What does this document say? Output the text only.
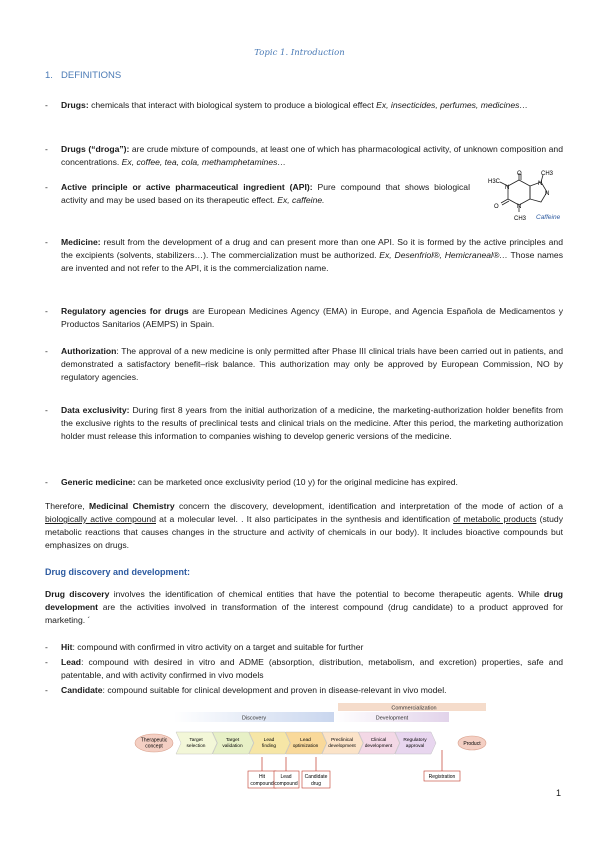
Topic 1. Introduction
1. DEFINITIONS
- Drugs: chemicals that interact with biological system to produce a biological effect Ex, insecticides, perfumes, medicines…
- Drugs (“droga”): are crude mixture of compounds, at least one of which has pharmacological activity, of unknown composition and concentrations. Ex, coffee, tea, cola, methamphetamines…
- Active principle or active pharmaceutical ingredient (API): Pure compound that shows biological activity and may be used based on its therapeutic effect. Ex, caffeine.
H3C
CH3
CH3
O
O
N
N
N
N
Caffeine
- Medicine: result from the development of a drug and can present more than one API. So it is formed by the active principles and the excipients (solvents, stabilizers…). The commercialization must be authorized. Ex, Desenfriol®, Hemicraneal®… Those names are invented and not refer to the API, it is the commercialization name.
- Regulatory agencies for drugs are European Medicines Agency (EMA) in Europe, and Agencia Española de Medicamentos y Productos Sanitarios (AEMPS) in Spain.
- Authorization: The approval of a new medicine is only permitted after Phase III clinical trials have been carried out in patients, and demonstrated a satisfactory benefit–risk balance. This authorization may only be approved by European Commission, NO by regulatory agencies.
- Data exclusivity: During first 8 years from the initial authorization of a medicine, the marketing-authorization holder benefits from the exclusive rights to the results of preclinical tests and clinical trials on the medicine. After this period, the marketing authorization holder must release this information to companies wishing to develop generic versions of the medicine.
- Generic medicine: can be marketed once exclusivity period (10 y) for the original medicine has expired.
Therefore, Medicinal Chemistry concern the discovery, development, identification and interpretation of the mode of action of a biologically active compound at a molecular level. . It also participates in the synthesis and identification of metabolic products (study metabolic reactions that causes changes in the structure and activity of chemicals in our body). It includes bioactive compounds but emphasizes on drugs.
Drug discovery and development:
Drug discovery involves the identification of chemical entities that have the potential to become therapeutic agents. While drug development are the activities involved in transformation of the interest compound (drug candidate) to a product approved for marketing. ´
- Hit: compound with confirmed in vitro activity on a target and suitable for further
- Lead: compound with desired in vitro and ADME (absorption, distribution, metabolism, and excretion) properties, safe and patentable, and with activity confirmed in vivo models
- Candidate: compound suitable for clinical development and proven in disease-relevant in vivo model.
Commercialization
Discovery	Development
Therapeutic
concept
Target
selection
Target
validation
Lead
finding
Lead
optimization
Preclinical
development
Clinical
development
Regulatory
approval	Product
Hit
compound
Lead
compound
Candidate
drug
Registration
1
